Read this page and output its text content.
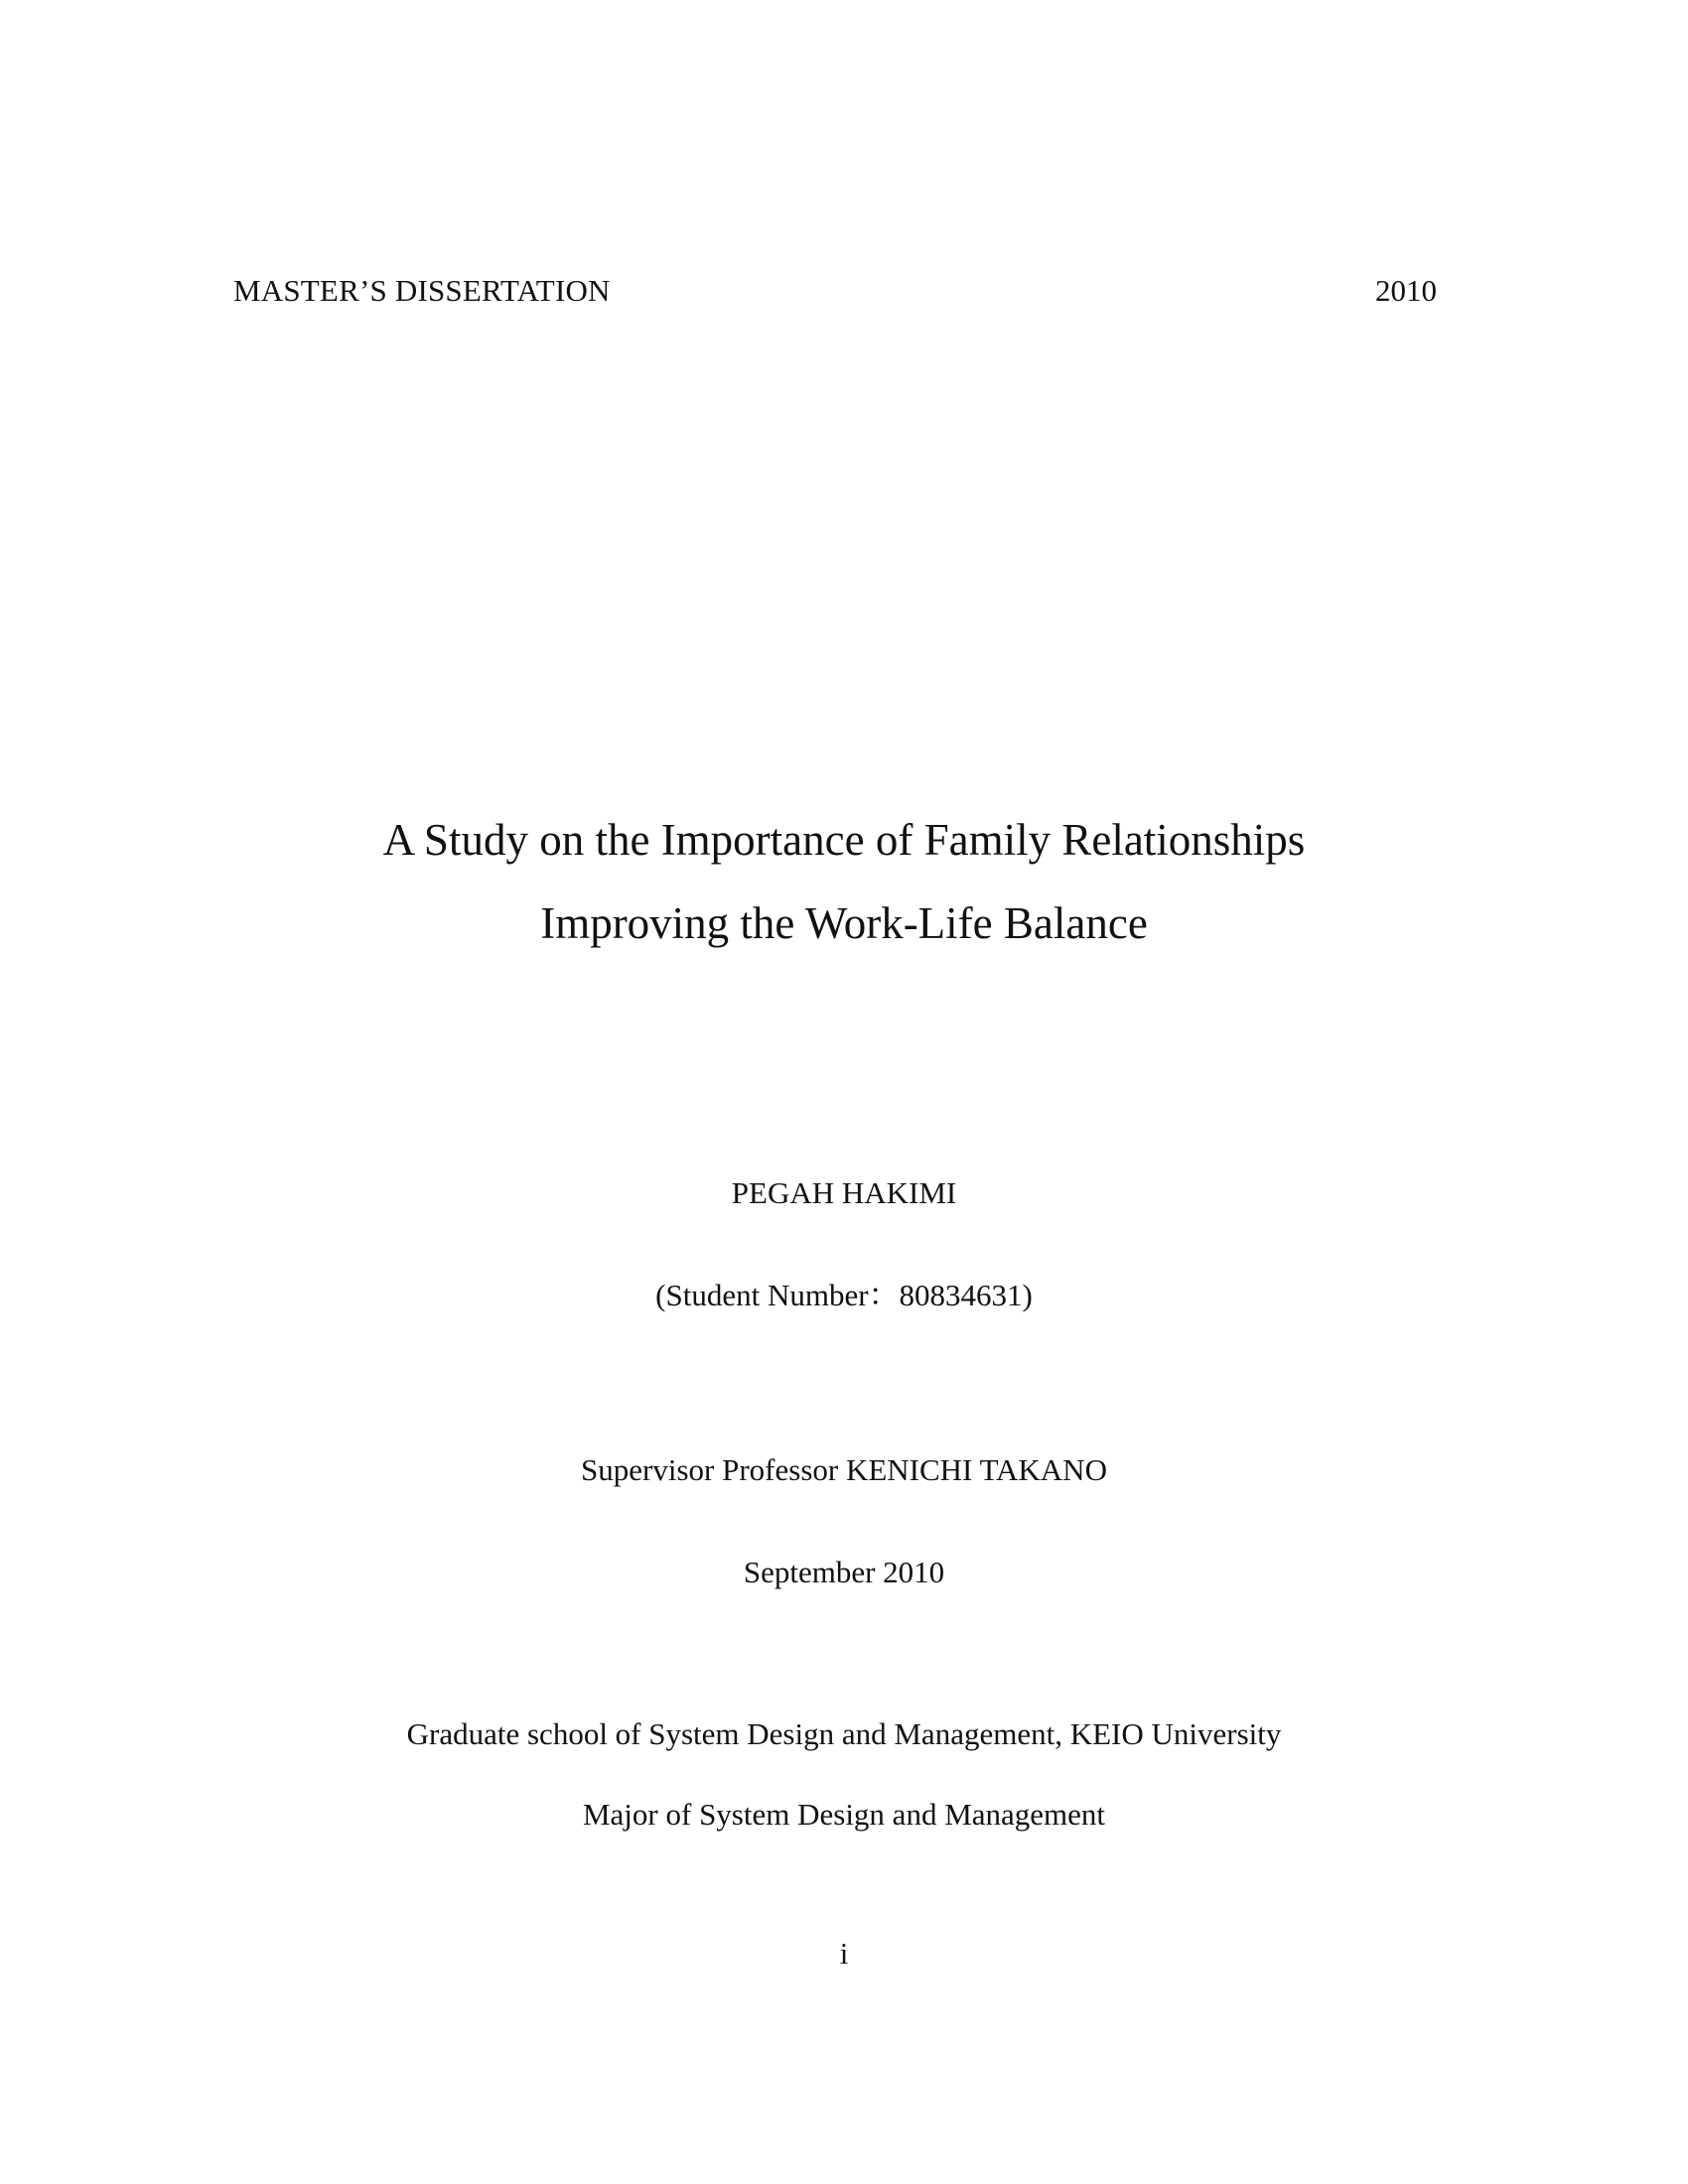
MASTER’S DISSERTATION	2010
A Study on the Importance of Family Relationships
Improving the Work-Life Balance
PEGAH HAKIMI
(Student Number：80834631)
Supervisor Professor KENICHI TAKANO
September 2010
Graduate school of System Design and Management, KEIO University
Major of System Design and Management
i
